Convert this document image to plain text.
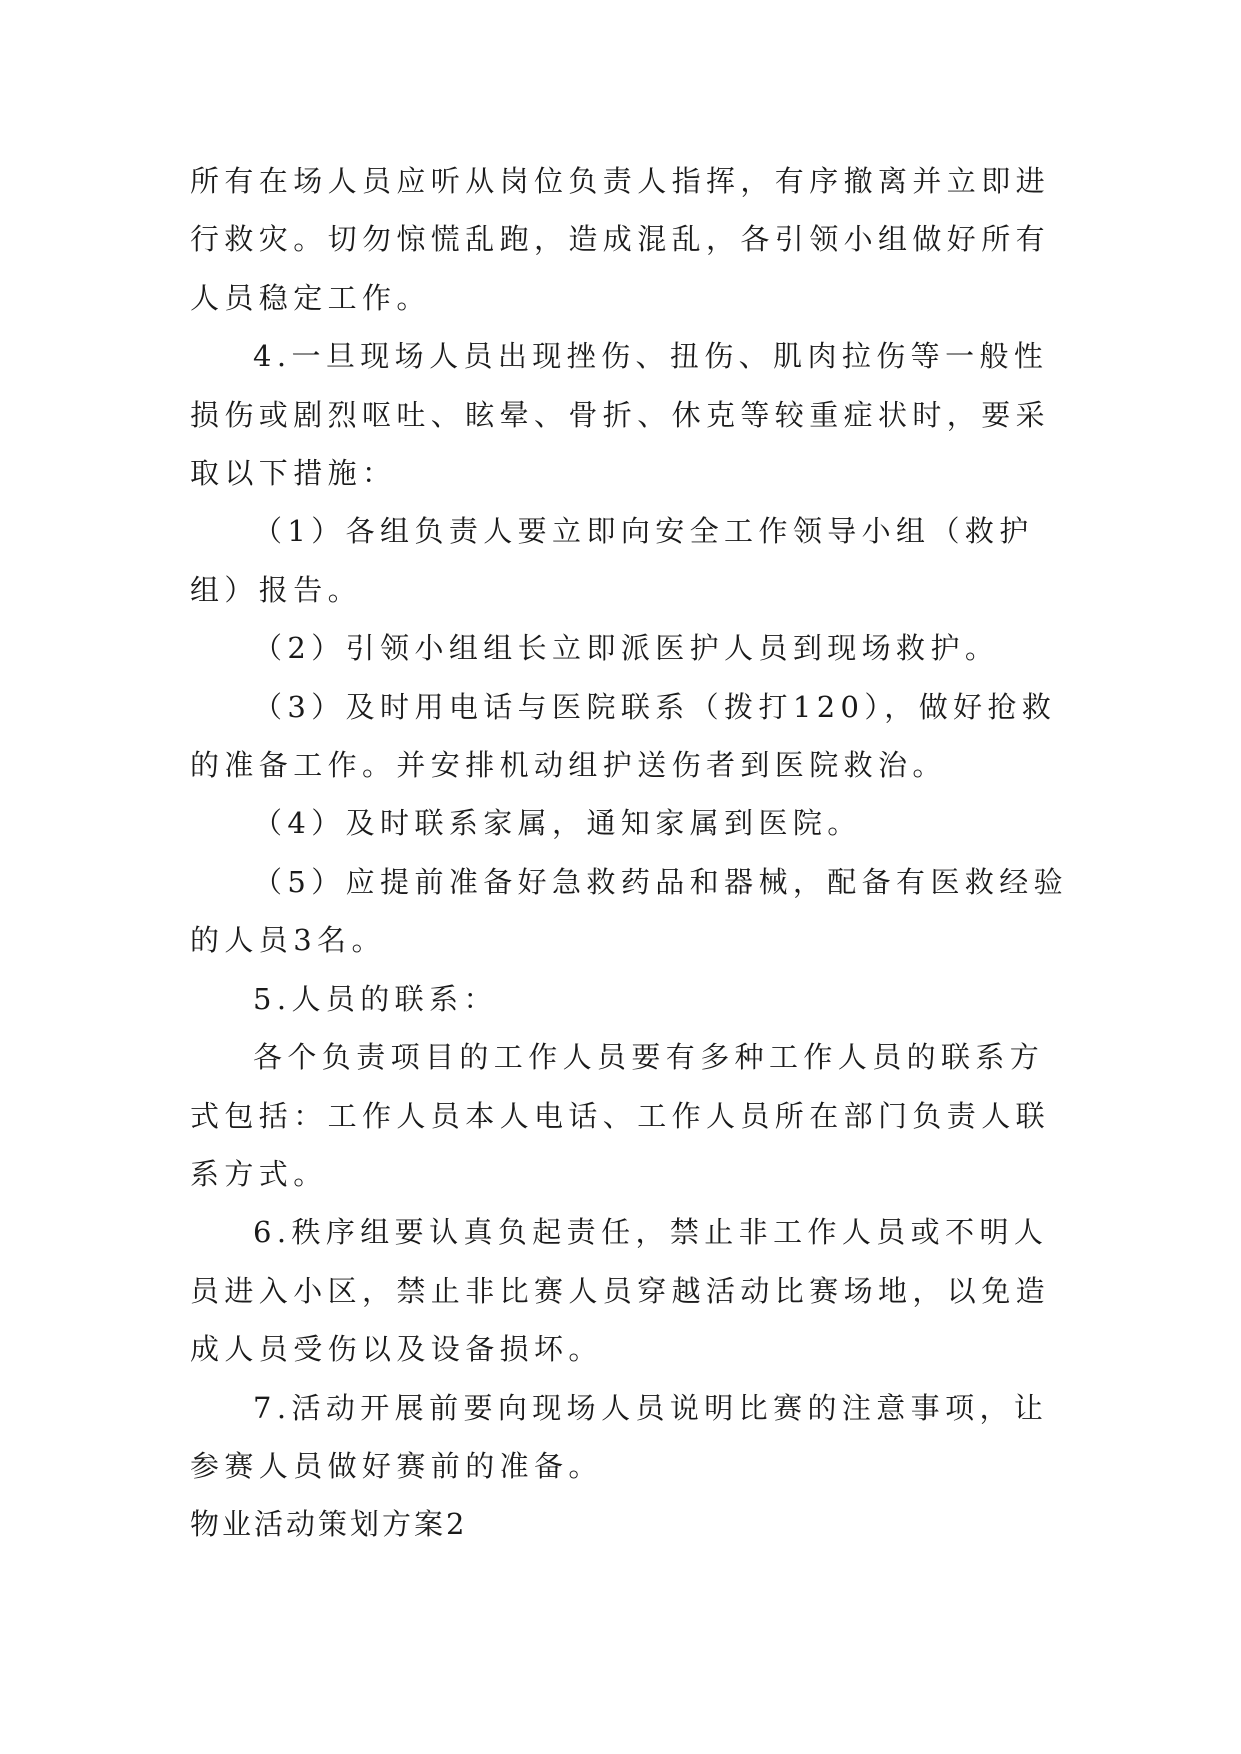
所有在场人员应听从岗位负责人指挥，有序撤离并立即进行救灾。切勿惊慌乱跑，造成混乱，各引领小组做好所有人员稳定工作。

4.一旦现场人员出现挫伤、扭伤、肌肉拉伤等一般性损伤或剧烈呕吐、眩晕、骨折、休克等较重症状时，要采取以下措施：

（1）各组负责人要立即向安全工作领导小组（救护组）报告。

（2）引领小组组长立即派医护人员到现场救护。

（3）及时用电话与医院联系（拨打120），做好抢救的准备工作。并安排机动组护送伤者到医院救治。

（4）及时联系家属，通知家属到医院。

（5）应提前准备好急救药品和器械，配备有医救经验的人员3名。

5.人员的联系：

各个负责项目的工作人员要有多种工作人员的联系方式包括：工作人员本人电话、工作人员所在部门负责人联系方式。

6.秩序组要认真负起责任，禁止非工作人员或不明人员进入小区，禁止非比赛人员穿越活动比赛场地，以免造成人员受伤以及设备损坏。

7.活动开展前要向现场人员说明比赛的注意事项，让参赛人员做好赛前的准备。

物业活动策划方案2
